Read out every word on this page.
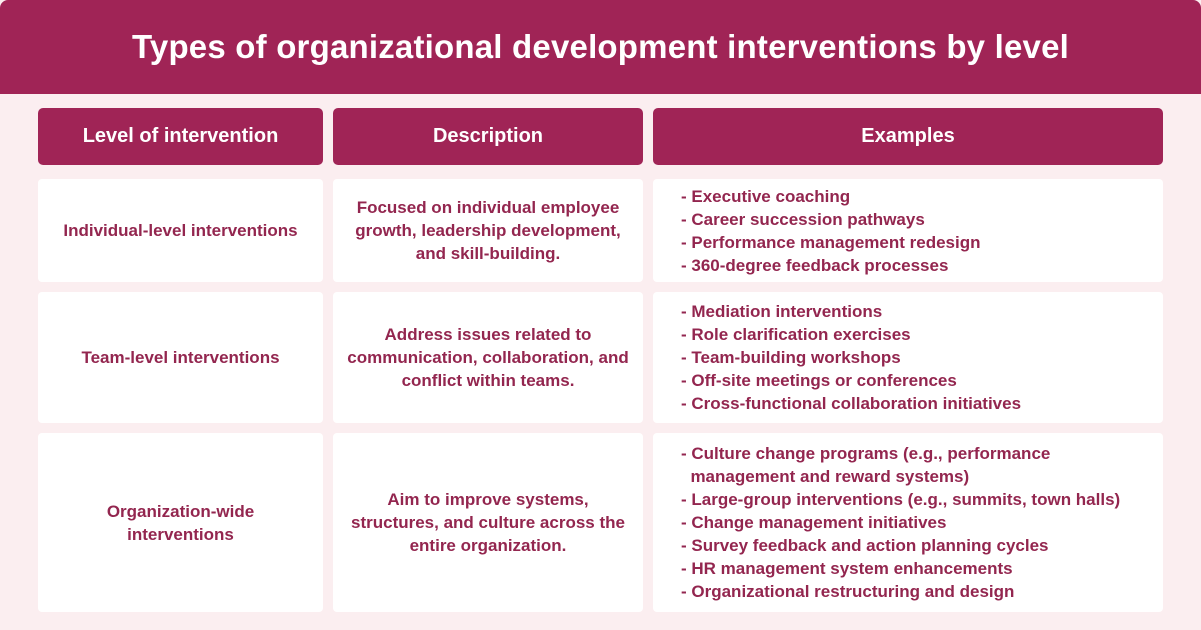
Types of organizational development interventions by level
Level of intervention	Description	Examples
Individual-level interventions
Focused on individual employee growth, leadership development, and skill-building.
- Executive coaching
- Career succession pathways
- Performance management redesign
- 360-degree feedback processes
Team-level interventions
Address issues related to communication, collaboration, and conflict within teams.
- Mediation interventions
- Role clarification exercises
- Team-building workshops
- Off-site meetings or conferences
- Cross-functional collaboration initiatives
Organization-wide interventions
Aim to improve systems, structures, and culture across the entire organization.
- Culture change programs (e.g., performance
management and reward systems)
- Large-group interventions (e.g., summits, town halls)
- Change management initiatives
- Survey feedback and action planning cycles
- HR management system enhancements
- Organizational restructuring and design
